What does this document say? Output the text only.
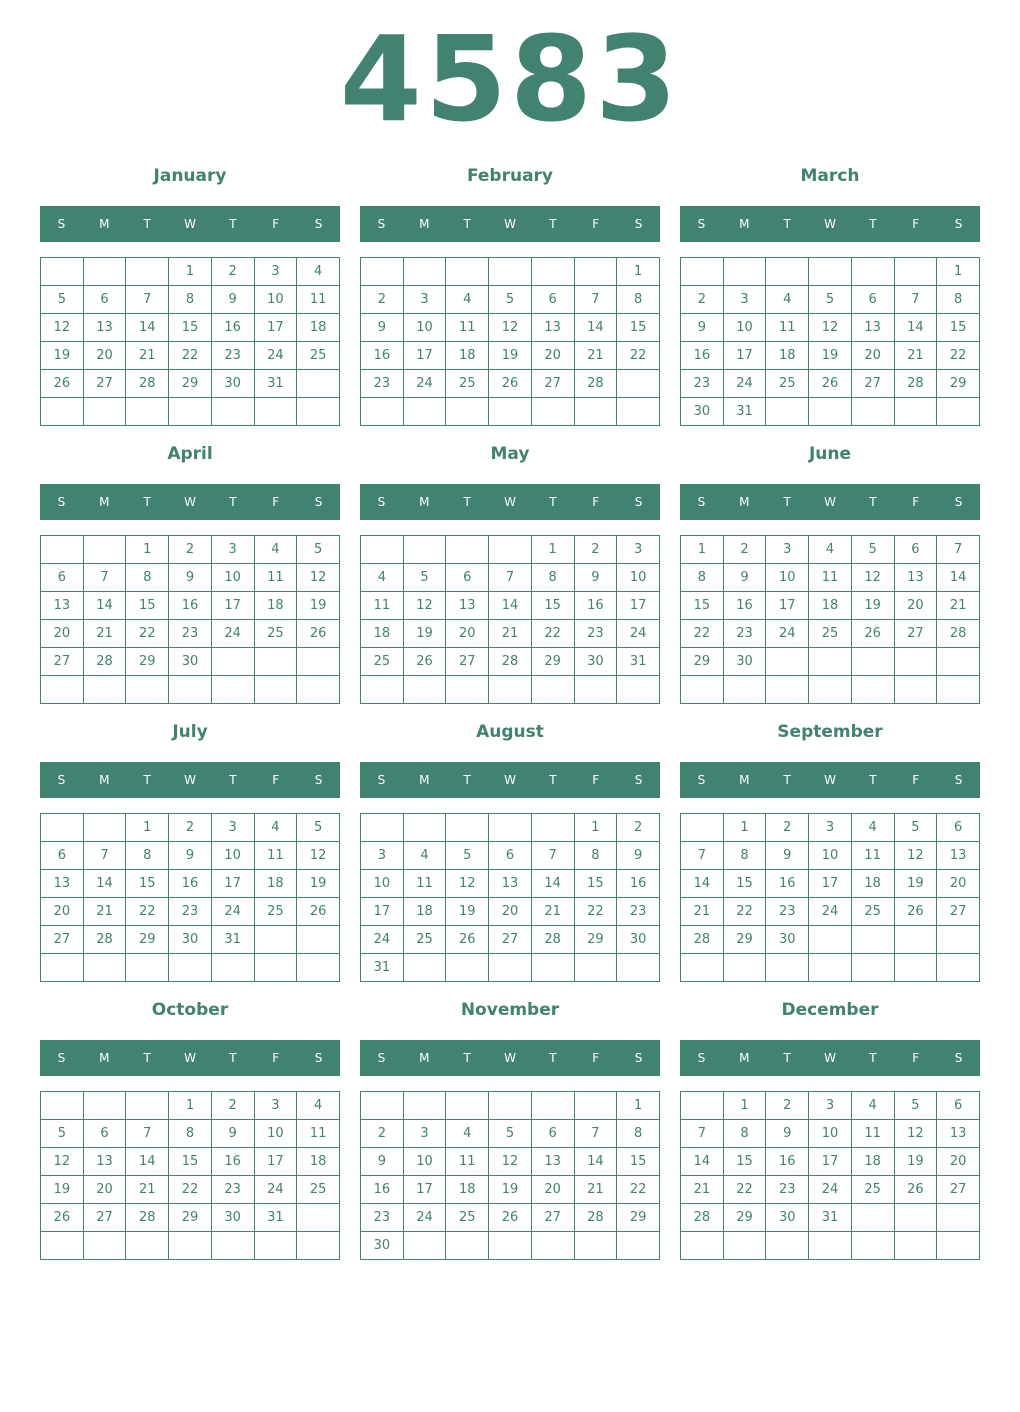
4583
January
S	M	T	W	T	F	S
			1	2	3	4
5	6	7	8	9	10	11
12	13	14	15	16	17	18
19	20	21	22	23	24	25
26	27	28	29	30	31	

February
S	M	T	W	T	F	S
						1
2	3	4	5	6	7	8
9	10	11	12	13	14	15
16	17	18	19	20	21	22
23	24	25	26	27	28	

March
S	M	T	W	T	F	S
						1
2	3	4	5	6	7	8
9	10	11	12	13	14	15
16	17	18	19	20	21	22
23	24	25	26	27	28	29
30	31					
April
S	M	T	W	T	F	S
		1	2	3	4	5
6	7	8	9	10	11	12
13	14	15	16	17	18	19
20	21	22	23	24	25	26
27	28	29	30			

May
S	M	T	W	T	F	S
				1	2	3
4	5	6	7	8	9	10
11	12	13	14	15	16	17
18	19	20	21	22	23	24
25	26	27	28	29	30	31

June
S	M	T	W	T	F	S
1	2	3	4	5	6	7
8	9	10	11	12	13	14
15	16	17	18	19	20	21
22	23	24	25	26	27	28
29	30					

July
S	M	T	W	T	F	S
		1	2	3	4	5
6	7	8	9	10	11	12
13	14	15	16	17	18	19
20	21	22	23	24	25	26
27	28	29	30	31		

August
S	M	T	W	T	F	S
					1	2
3	4	5	6	7	8	9
10	11	12	13	14	15	16
17	18	19	20	21	22	23
24	25	26	27	28	29	30
31						
September
S	M	T	W	T	F	S
	1	2	3	4	5	6
7	8	9	10	11	12	13
14	15	16	17	18	19	20
21	22	23	24	25	26	27
28	29	30				

October
S	M	T	W	T	F	S
			1	2	3	4
5	6	7	8	9	10	11
12	13	14	15	16	17	18
19	20	21	22	23	24	25
26	27	28	29	30	31	

November
S	M	T	W	T	F	S
						1
2	3	4	5	6	7	8
9	10	11	12	13	14	15
16	17	18	19	20	21	22
23	24	25	26	27	28	29
30						
December
S	M	T	W	T	F	S
	1	2	3	4	5	6
7	8	9	10	11	12	13
14	15	16	17	18	19	20
21	22	23	24	25	26	27
28	29	30	31			
